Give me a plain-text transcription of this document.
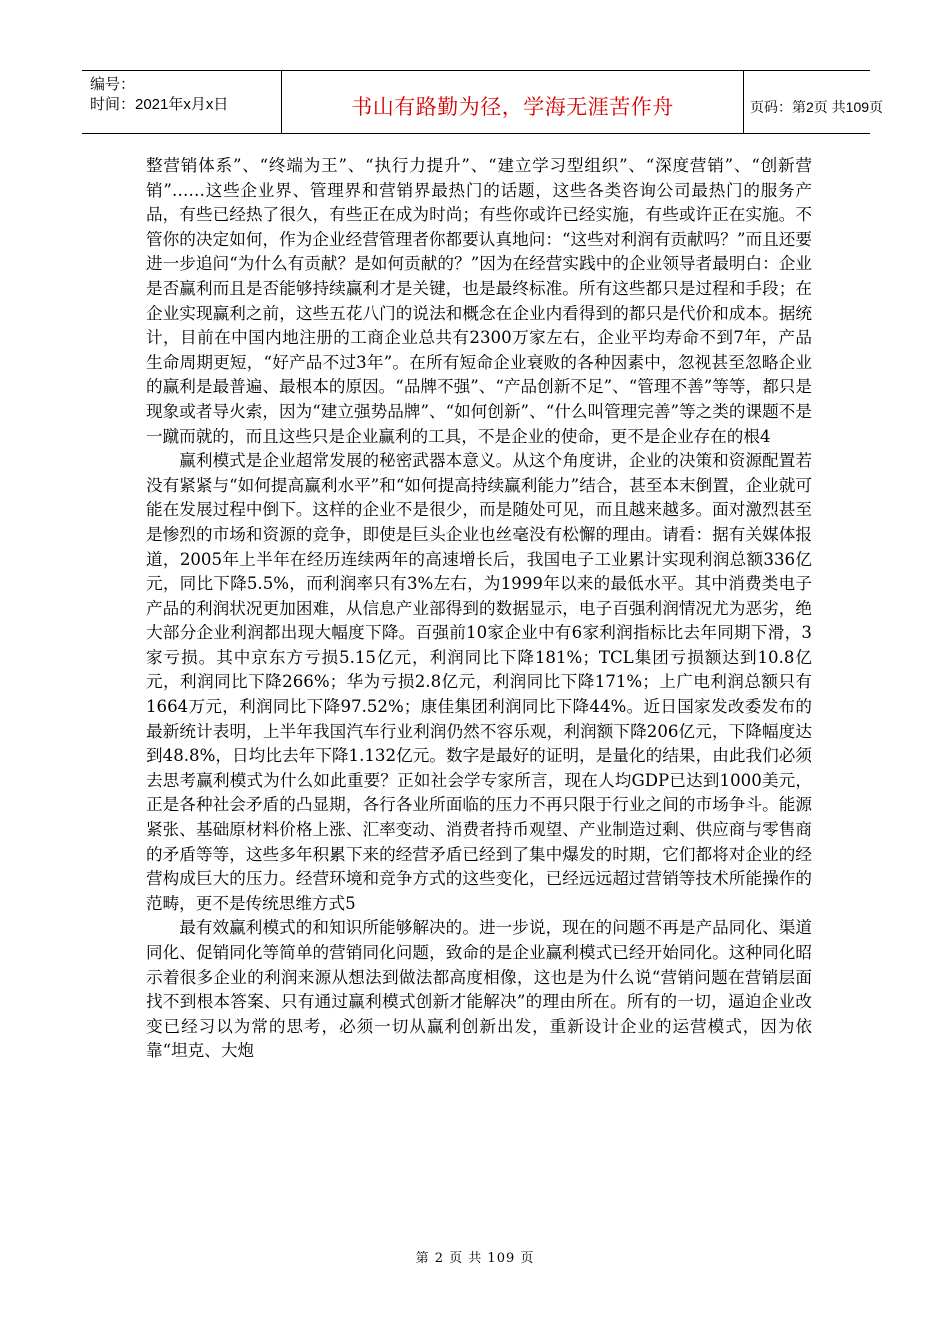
编号：
时间：2021年x月x日	书山有路勤为径，学海无涯苦作舟	页码：第2页 共109页

整营销体系”、“终端为王”、“执行力提升”、“建立学习型组织”、“深度营销”、“创新营销”……这些企业界、管理界和营销界最热门的话题，这些各类咨询公司最热门的服务产品，有些已经热了很久，有些正在成为时尚；有些你或许已经实施，有些或许正在实施。不管你的决定如何，作为企业经营管理者你都要认真地问：“这些对利润有贡献吗？”而且还要进一步追问“为什么有贡献？是如何贡献的？”因为在经营实践中的企业领导者最明白：企业是否赢利而且是否能够持续赢利才是关键，也是最终标准。所有这些都只是过程和手段；在企业实现赢利之前，这些五花八门的说法和概念在企业内看得到的都只是代价和成本。据统计，目前在中国内地注册的工商企业总共有2300万家左右，企业平均寿命不到7年，产品生命周期更短，“好产品不过3年”。在所有短命企业衰败的各种因素中，忽视甚至忽略企业的赢利是最普遍、最根本的原因。“品牌不强”、“产品创新不足”、“管理不善”等等，都只是现象或者导火索，因为“建立强势品牌”、“如何创新”、“什么叫管理完善”等之类的课题不是一蹴而就的，而且这些只是企业赢利的工具，不是企业的使命，更不是企业存在的根4

赢利模式是企业超常发展的秘密武器本意义。从这个角度讲，企业的决策和资源配置若没有紧紧与“如何提高赢利水平”和“如何提高持续赢利能力”结合，甚至本末倒置，企业就可能在发展过程中倒下。这样的企业不是很少，而是随处可见，而且越来越多。面对激烈甚至是惨烈的市场和资源的竞争，即使是巨头企业也丝毫没有松懈的理由。请看：据有关媒体报道，2005年上半年在经历连续两年的高速增长后，我国电子工业累计实现利润总额336亿元，同比下降5.5%，而利润率只有3%左右，为1999年以来的最低水平。其中消费类电子产品的利润状况更加困难，从信息产业部得到的数据显示，电子百强利润情况尤为恶劣，绝大部分企业利润都出现大幅度下降。百强前10家企业中有6家利润指标比去年同期下滑，3家亏损。其中京东方亏损5.15亿元，利润同比下降181%；TCL集团亏损额达到10.8亿元，利润同比下降266%；华为亏损2.8亿元，利润同比下降171%；上广电利润总额只有1664万元，利润同比下降97.52%；康佳集团利润同比下降44%。近日国家发改委发布的最新统计表明，上半年我国汽车行业利润仍然不容乐观，利润额下降206亿元，下降幅度达到48.8%，日均比去年下降1.132亿元。数字是最好的证明，是量化的结果，由此我们必须去思考赢利模式为什么如此重要？正如社会学专家所言，现在人均GDP已达到1000美元，正是各种社会矛盾的凸显期，各行各业所面临的压力不再只限于行业之间的市场争斗。能源紧张、基础原材料价格上涨、汇率变动、消费者持币观望、产业制造过剩、供应商与零售商的矛盾等等，这些多年积累下来的经营矛盾已经到了集中爆发的时期，它们都将对企业的经营构成巨大的压力。经营环境和竞争方式的这些变化，已经远远超过营销等技术所能操作的范畴，更不是传统思维方式5

最有效赢利模式的和知识所能够解决的。进一步说，现在的问题不再是产品同化、渠道同化、促销同化等简单的营销同化问题，致命的是企业赢利模式已经开始同化。这种同化昭示着很多企业的利润来源从想法到做法都高度相像，这也是为什么说“营销问题在营销层面找不到根本答案、只有通过赢利模式创新才能解决”的理由所在。所有的一切，逼迫企业改变已经习以为常的思考，必须一切从赢利创新出发，重新设计企业的运营模式，因为依靠“坦克、大炮

第 2 页 共 109 页
